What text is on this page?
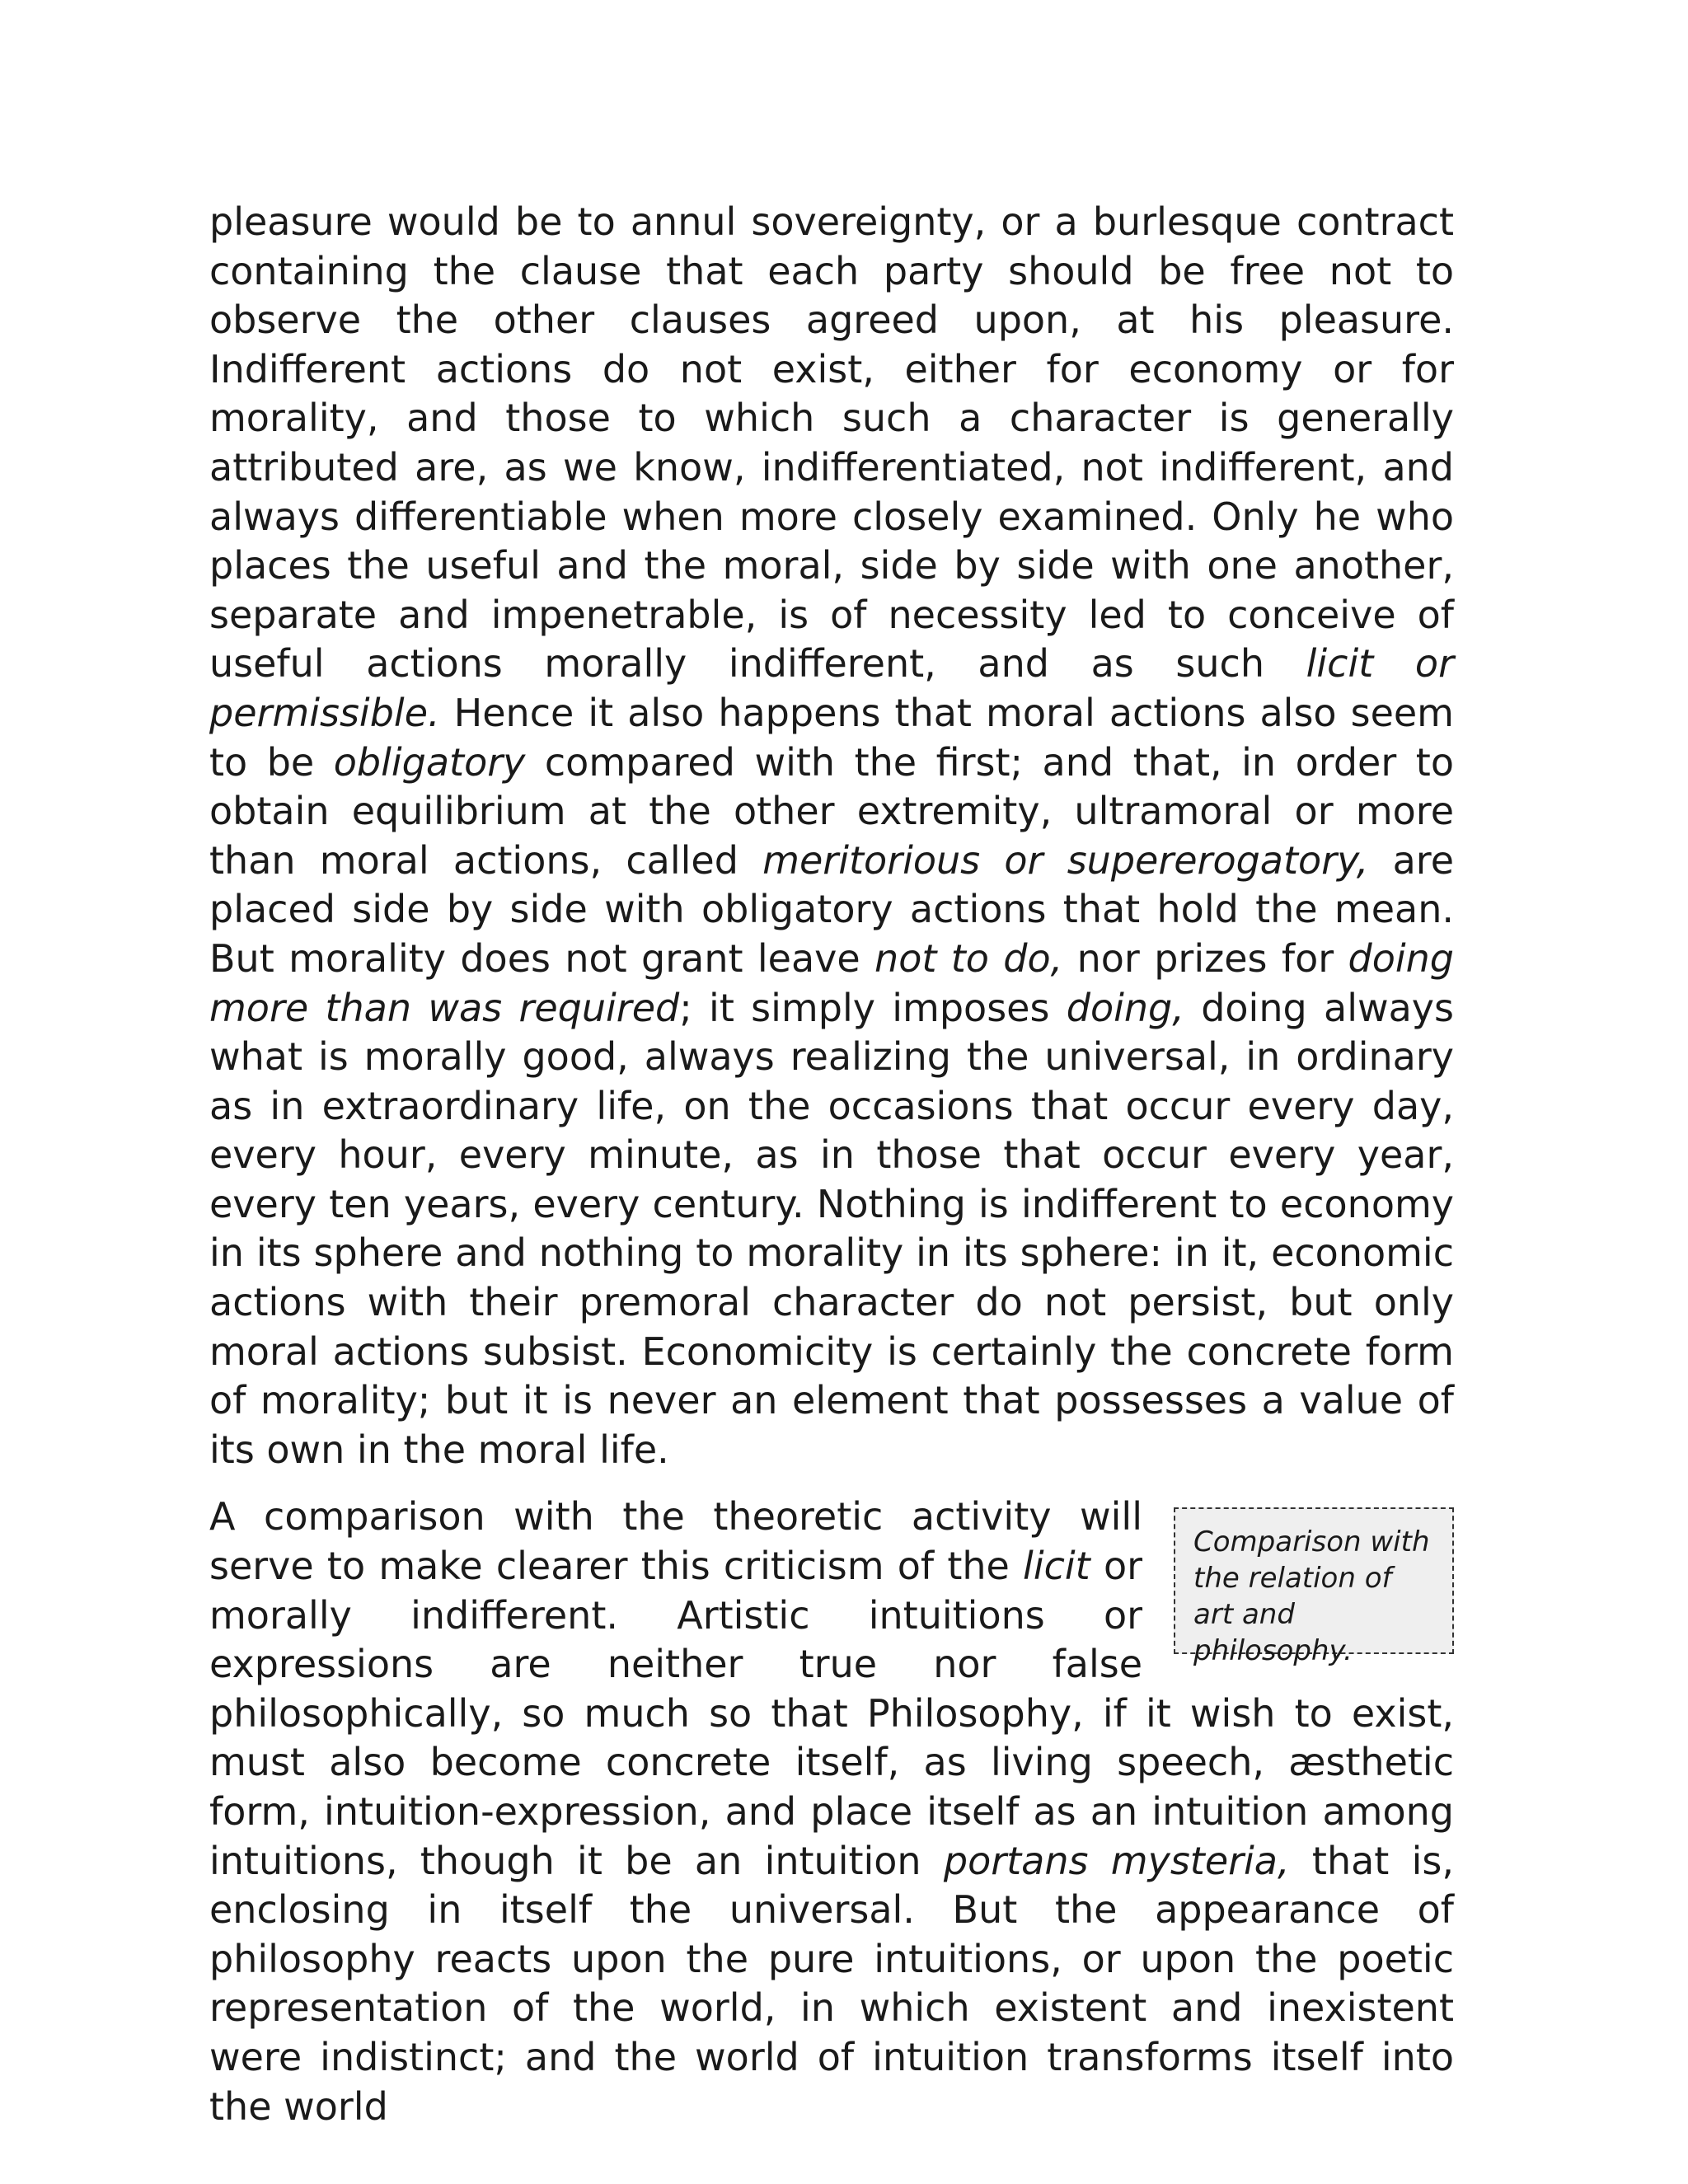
pleasure would be to annul sovereignty, or a burlesque contract containing the clause that each party should be free not to observe the other clauses agreed upon, at his pleasure. Indifferent actions do not exist, either for economy or for morality, and those to which such a character is generally attributed are, as we know, indifferentiated, not indifferent, and always differentiable when more closely examined. Only he who places the useful and the moral, side by side with one another, separate and impenetrable, is of necessity led to conceive of useful actions morally indifferent, and as such licit or permissible. Hence it also happens that moral actions also seem to be obligatory compared with the first; and that, in order to obtain equilibrium at the other extremity, ultramoral or more than moral actions, called meritorious or supererogatory, are placed side by side with obligatory actions that hold the mean. But morality does not grant leave not to do, nor prizes for doing more than was required; it simply imposes doing, doing always what is morally good, always realizing the universal, in ordinary as in extraordinary life, on the occasions that occur every day, every hour, every minute, as in those that occur every year, every ten years, every century. Nothing is indifferent to economy in its sphere and nothing to morality in its sphere: in it, economic actions with their premoral character do not persist, but only moral actions subsist. Economicity is certainly the concrete form of morality; but it is never an element that possesses a value of its own in the moral life.

Comparison with the relation of art and philosophy.
A comparison with the theoretic activity will serve to make clearer this criticism of the licit or morally indifferent. Artistic intuitions or expressions are neither true nor false philosophically, so much so that Philosophy, if it wish to exist, must also become concrete itself, as living speech, æsthetic form, intuition-expression, and place itself as an intuition among intuitions, though it be an intuition portans mysteria, that is, enclosing in itself the universal. But the appearance of philosophy reacts upon the pure intuitions, or upon the poetic representation of the world, in which existent and inexistent were indistinct; and the world of intuition transforms itself into the world
